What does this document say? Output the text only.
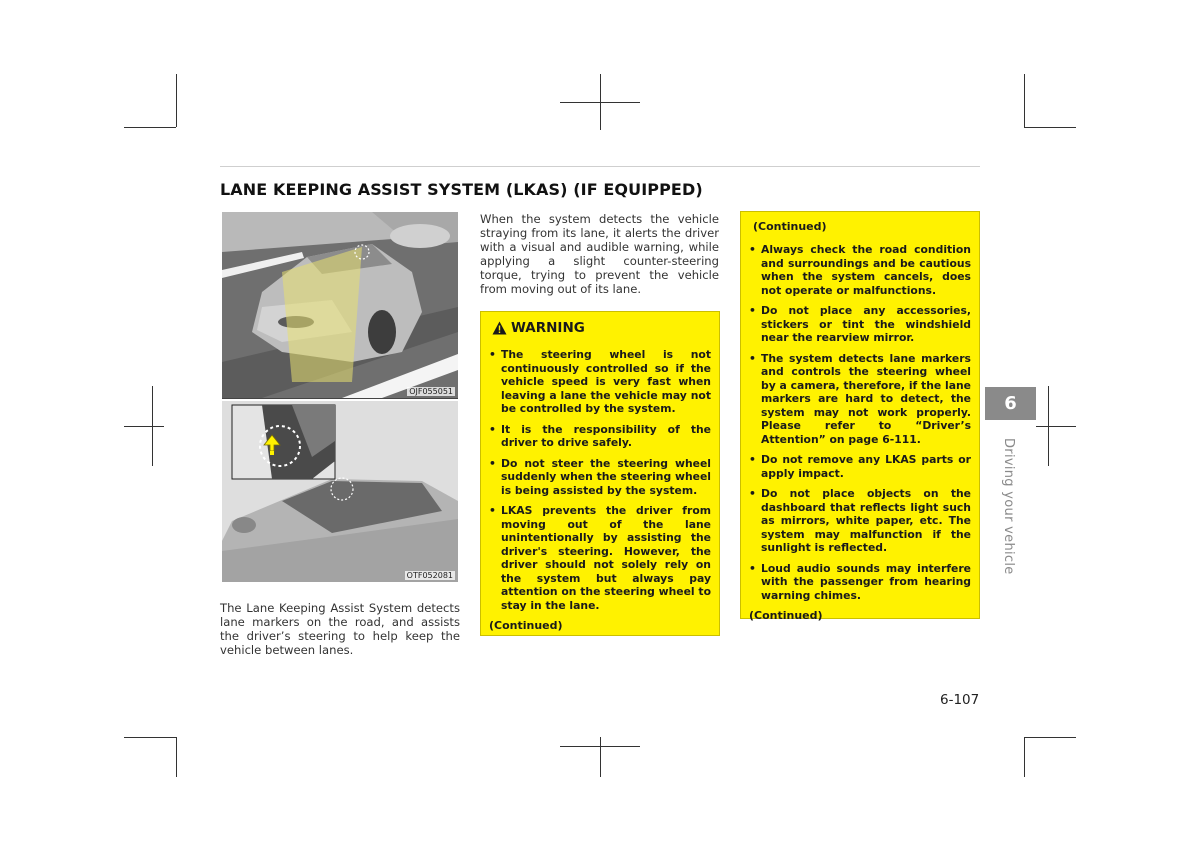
LANE KEEPING ASSIST SYSTEM (LKAS) (IF EQUIPPED)
OJF055051
OTF052081
The Lane Keeping Assist System detects lane markers on the road, and assists the driver’s steering to help keep the vehicle between lanes.
When the system detects the vehicle straying from its lane, it alerts the driver with a visual and audible warning, while applying a slight counter-steering torque, trying to prevent the vehicle from moving out of its lane.
WARNING
• The steering wheel is not continuously controlled so if the vehicle speed is very fast when leaving a lane the vehicle may not be controlled by the system.
• It is the responsibility of the driver to drive safely.
• Do not steer the steering wheel suddenly when the steering wheel is being assisted by the system.
• LKAS prevents the driver from moving out of the lane unintentionally by assisting the driver's steering. However, the driver should not solely rely on the system but always pay attention on the steering wheel to stay in the lane.

(Continued)

(Continued)

• Always check the road condition and surroundings and be cautious when the system cancels, does not operate or malfunctions.
• Do not place any accessories, stickers or tint the windshield near the rearview mirror.
• The system detects lane markers and controls the steering wheel by a camera, therefore, if the lane markers are hard to detect, the system may not work properly. Please refer to “Driver’s Attention” on page 6-111.
• Do not remove any LKAS parts or apply impact.
• Do not place objects on the dashboard that reflects light such as mirrors, white paper, etc. The system may malfunction if the sunlight is reflected.
• Loud audio sounds may interfere with the passenger from hearing warning chimes.

(Continued)

6
Driving your vehicle
6-107
